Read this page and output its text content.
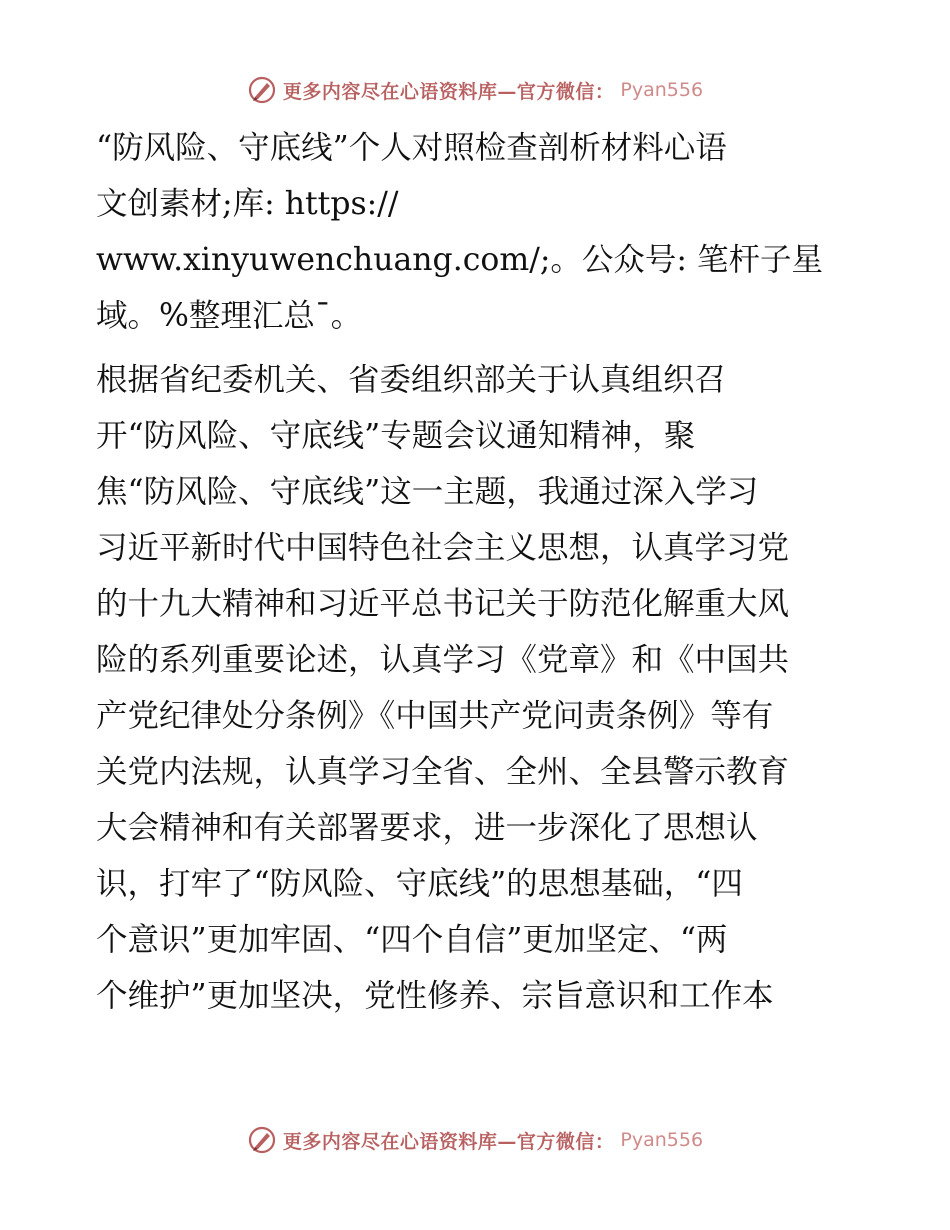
更多内容尽在心语资料库—官方微信： Pyan556
“防风险、守底线”个人对照检查剖析材料心语
文创素材;库: https://
www.xinyuwenchuang.com/;。公众号: 笔杆子星
域。%整理汇总¯。
根据省纪委机关、省委组织部关于认真组织召
开“防风险、守底线”专题会议通知精神，聚
焦“防风险、守底线”这一主题，我通过深入学习
习近平新时代中国特色社会主义思想，认真学习党
的十九大精神和习近平总书记关于防范化解重大风
险的系列重要论述，认真学习《党章》和《中国共
产党纪律处分条例》《中国共产党问责条例》等有
关党内法规，认真学习全省、全州、全县警示教育
大会精神和有关部署要求，进一步深化了思想认
识，打牢了“防风险、守底线”的思想基础，“四
个意识”更加牢固、“四个自信”更加坚定、“两
个维护”更加坚决，党性修养、宗旨意识和工作本
更多内容尽在心语资料库—官方微信： Pyan556
